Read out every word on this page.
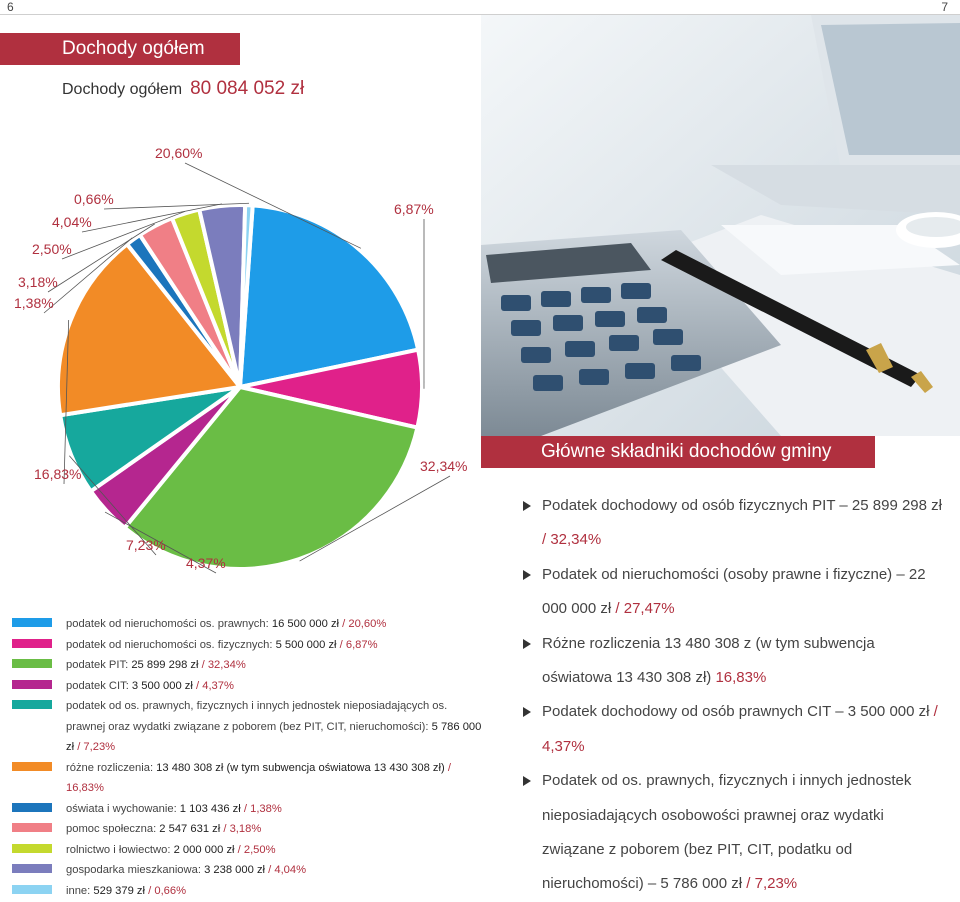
6	7
Dochody ogółem
Dochody ogółem 80 084 052 zł
Główne składniki dochodów gminy
podatek od nieruchomości os. prawnych: 16 500 000 zł / 20,60%
podatek od nieruchomości os. fizycznych: 5 500 000 zł / 6,87%
podatek PIT: 25 899 298 zł / 32,34%
podatek CIT: 3 500 000 zł / 4,37%
podatek od os. prawnych, fizycznych i innych jednostek nieposiadających os. prawnej oraz wydatki związane z poborem (bez PIT, CIT, nieruchomości): 5 786 000 zł / 7,23%
różne rozliczenia: 13 480 308 zł (w tym subwencja oświatowa 13 430 308 zł) / 16,83%
oświata i wychowanie: 1 103 436 zł / 1,38%
pomoc społeczna: 2 547 631 zł / 3,18%
rolnictwo i łowiectwo: 2 000 000 zł / 2,50%
gospodarka mieszkaniowa: 3 238 000 zł / 4,04%
inne: 529 379 zł / 0,66%
Podatek dochodowy od osób fizycznych PIT – 25 899 298 zł / 32,34%
Podatek od nieruchomości (osoby prawne i fizyczne) – 22 000 000 zł / 27,47%
Różne rozliczenia 13 480 308 z (w tym subwencja oświatowa 13 430 308 zł) 16,83%
Podatek dochodowy od osób prawnych CIT – 3 500 000 zł / 4,37%
Podatek od os. prawnych, fizycznych i innych jednostek nieposiadających osobowości prawnej oraz wydatki związane z poborem (bez PIT, CIT, podatku od nieruchomości) – 5 786 000 zł / 7,23%
20,60%
6,87%
32,34%
4,37%
7,23%
16,83%
1,38%
3,18%
2,50%
4,04%
0,66%
